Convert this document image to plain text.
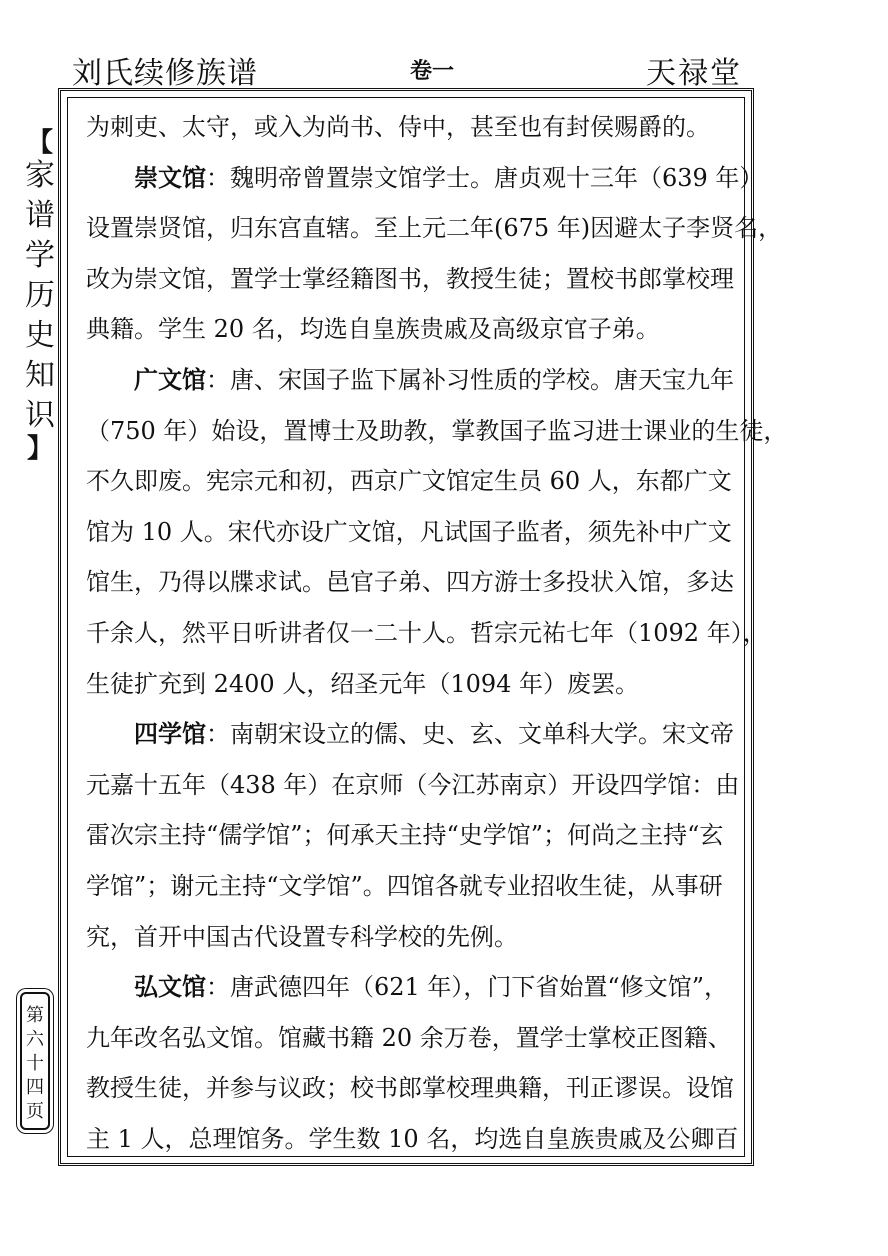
刘氏续修族谱	卷一	天禄堂
【
家
谱
学
历
史
知
识
】
第
六
十
四
页
为刺吏、太守，或入为尚书、侍中，甚至也有封侯赐爵的。
崇文馆：魏明帝曾置崇文馆学士。唐贞观十三年（639 年）
设置崇贤馆，归东宫直辖。至上元二年(675 年)因避太子李贤名，
改为崇文馆，置学士掌经籍图书，教授生徒；置校书郎掌校理
典籍。学生 20 名，均选自皇族贵戚及高级京官子弟。
广文馆：唐、宋国子监下属补习性质的学校。唐天宝九年
（750 年）始设，置博士及助教，掌教国子监习进士课业的生徒，
不久即废。宪宗元和初，西京广文馆定生员 60 人，东都广文
馆为 10 人。宋代亦设广文馆，凡试国子监者，须先补中广文
馆生，乃得以牒求试。邑官子弟、四方游士多投状入馆，多达
千余人，然平日听讲者仅一二十人。哲宗元祐七年（1092 年），
生徒扩充到 2400 人，绍圣元年（1094 年）废罢。
四学馆：南朝宋设立的儒、史、玄、文单科大学。宋文帝
元嘉十五年（438 年）在京师（今江苏南京）开设四学馆：由
雷次宗主持“儒学馆”；何承天主持“史学馆”；何尚之主持“玄
学馆”；谢元主持“文学馆”。四馆各就专业招收生徒，从事研
究，首开中国古代设置专科学校的先例。
弘文馆：唐武德四年（621 年），门下省始置“修文馆”，
九年改名弘文馆。馆藏书籍 20 余万卷，置学士掌校正图籍、
教授生徒，并参与议政；校书郎掌校理典籍，刊正谬误。设馆
主 1 人，总理馆务。学生数 10 名，均选自皇族贵戚及公卿百
